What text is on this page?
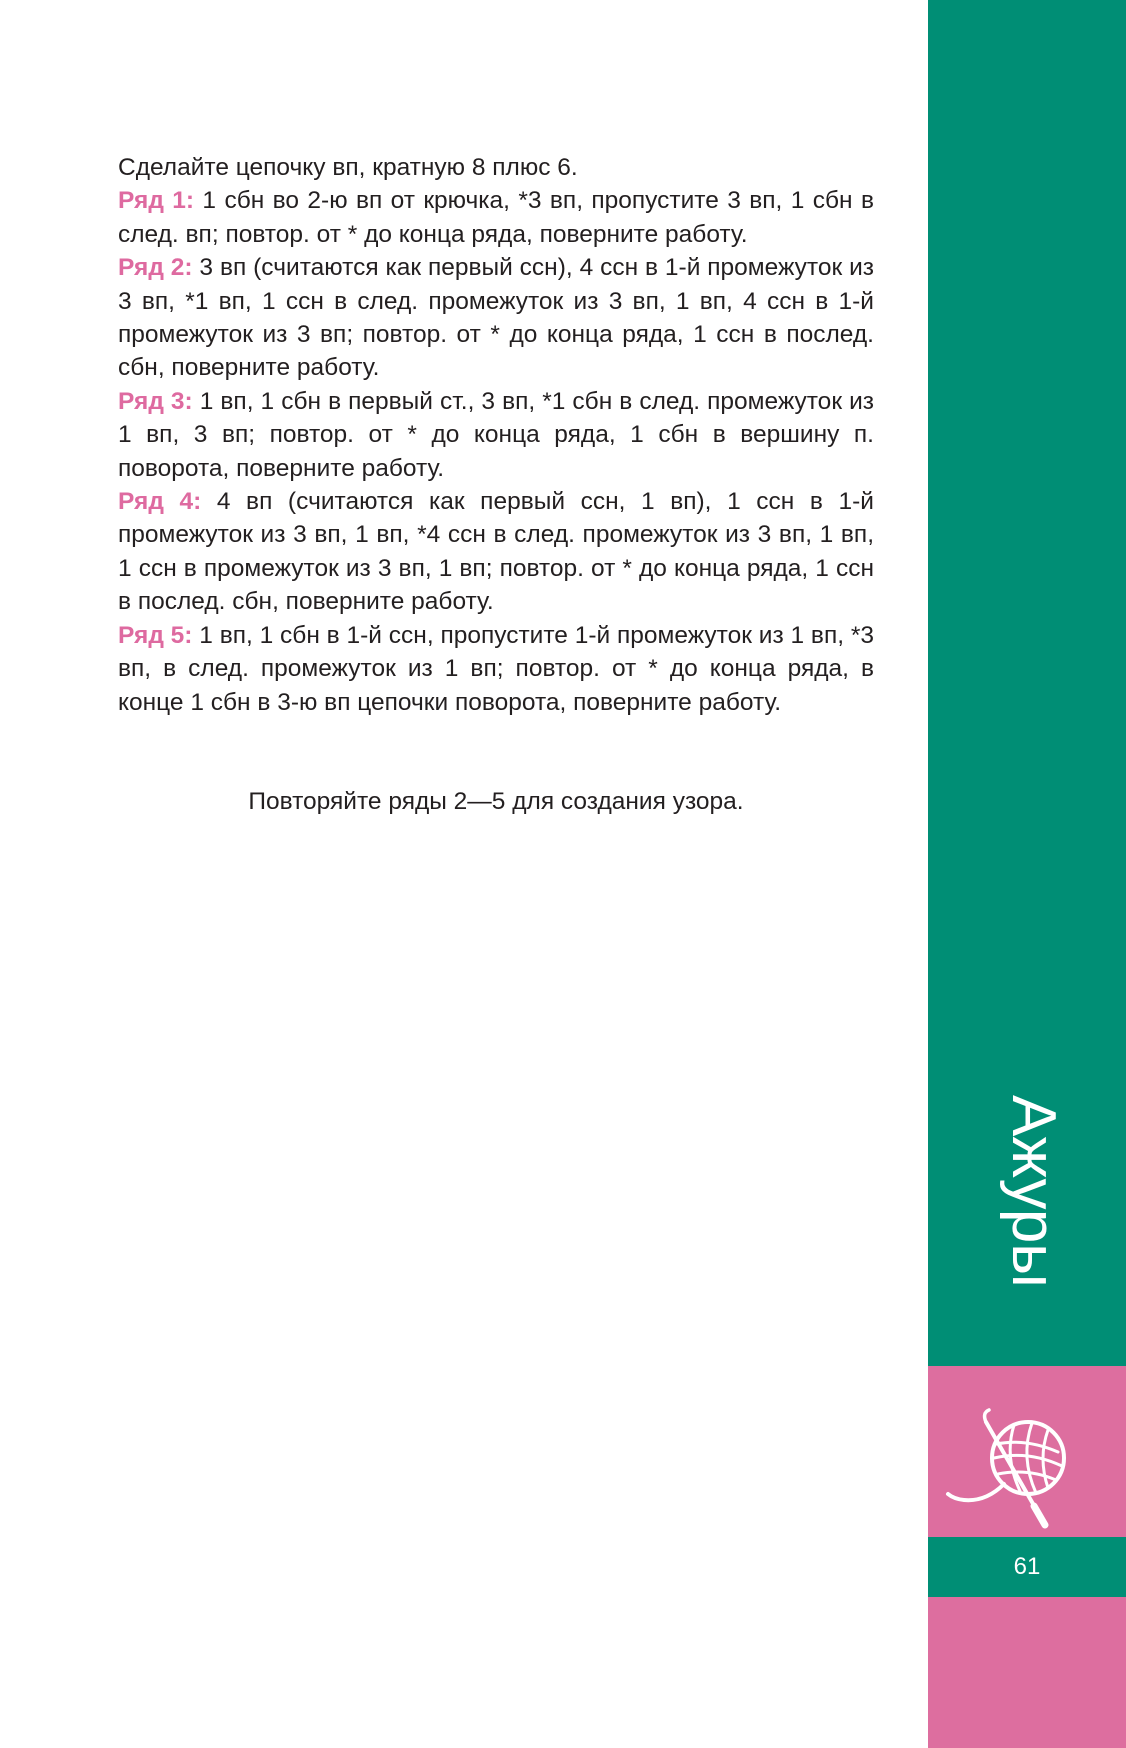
Сделайте цепочку вп, кратную 8 плюс 6.

Ряд 1: 1 сбн во 2-ю вп от крючка, *3 вп, пропустите 3 вп, 1 сбн в след. вп; повтор. от * до конца ряда, поверните работу.

Ряд 2: 3 вп (считаются как первый ссн), 4 ссн в 1-й промежуток из 3 вп, *1 вп, 1 ссн в след. промежуток из 3 вп, 1 вп, 4 ссн в 1-й промежуток из 3 вп; повтор. от * до конца ряда, 1 ссн в послед. сбн, поверните работу.

Ряд 3: 1 вп, 1 сбн в первый ст., 3 вп, *1 сбн в след. промежуток из 1 вп, 3 вп; повтор. от * до конца ряда, 1 сбн в вершину п. поворота, поверните работу.

Ряд 4: 4 вп (считаются как первый ссн, 1 вп), 1 ссн в 1-й промежуток из 3 вп, 1 вп, *4 ссн в след. промежуток из 3 вп, 1 вп, 1 ссн в промежуток из 3 вп, 1 вп; повтор. от * до конца ряда, 1 ссн в послед. сбн, поверните работу.

Ряд 5: 1 вп, 1 сбн в 1-й ссн, пропустите 1-й промежуток из 1 вп, *3 вп, в след. промежуток из 1 вп; повтор. от * до конца ряда, в конце 1 сбн в 3-ю вп цепочки поворота, поверните работу.

Повторяйте ряды 2—5 для создания узора.
Ажуры
61
